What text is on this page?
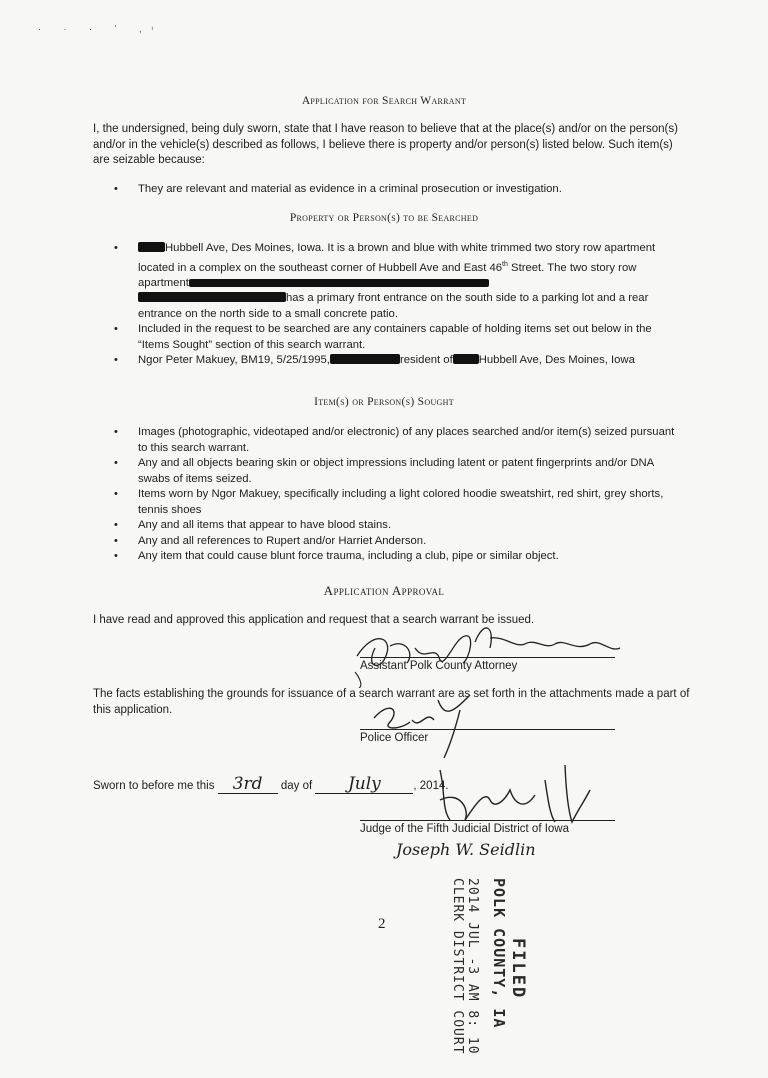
· · · ʼ ,ᶦ
Application for Search Warrant
I, the undersigned, being duly sworn, state that I have reason to believe that at the place(s) and/or on the person(s) and/or in the vehicle(s) described as follows, I believe there is property and/or person(s) listed below. Such item(s) are seizable because:
• They are relevant and material as evidence in a criminal prosecution or investigation.
Property or Person(s) to be Searched
• Hubbell Ave, Des Moines, Iowa. It is a brown and blue with white trimmed two story row apartment located in a complex on the southeast corner of Hubbell Ave and East 46th Street. The two story row apartment
has a primary front entrance on the south side to a parking lot and a rear entrance on the north side to a small concrete patio.
• Included in the request to be searched are any containers capable of holding items set out below in the “Items Sought” section of this search warrant.
• Ngor Peter Makuey, BM19, 5/25/1995,	resident of Hubbell Ave, Des Moines, Iowa
Item(s) or Person(s) Sought
• Images (photographic, videotaped and/or electronic) of any places searched and/or item(s) seized pursuant to this search warrant.
• Any and all objects bearing skin or object impressions including latent or patent fingerprints and/or DNA swabs of items seized.
• Items worn by Ngor Makuey, specifically including a light colored hoodie sweatshirt, red shirt, grey shorts, tennis shoes
• Any and all items that appear to have blood stains.
• Any and all references to Rupert and/or Harriet Anderson.
• Any item that could cause blunt force trauma, including a club, pipe or similar object.
Application Approval
I have read and approved this application and request that a search warrant be issued.
Assistant Polk County Attorney
The facts establishing the grounds for issuance of a search warrant are as set forth in the attachments made a part of this application.
Police Officer
Sworn to before me this 3rd day of July	, 2014.
Judge of the Fifth Judicial District of Iowa
Joseph W. Seidlin
2
FILED
POLK COUNTY, IA
2014 JUL -3 AM 8: 10
CLERK DISTRICT COURT
